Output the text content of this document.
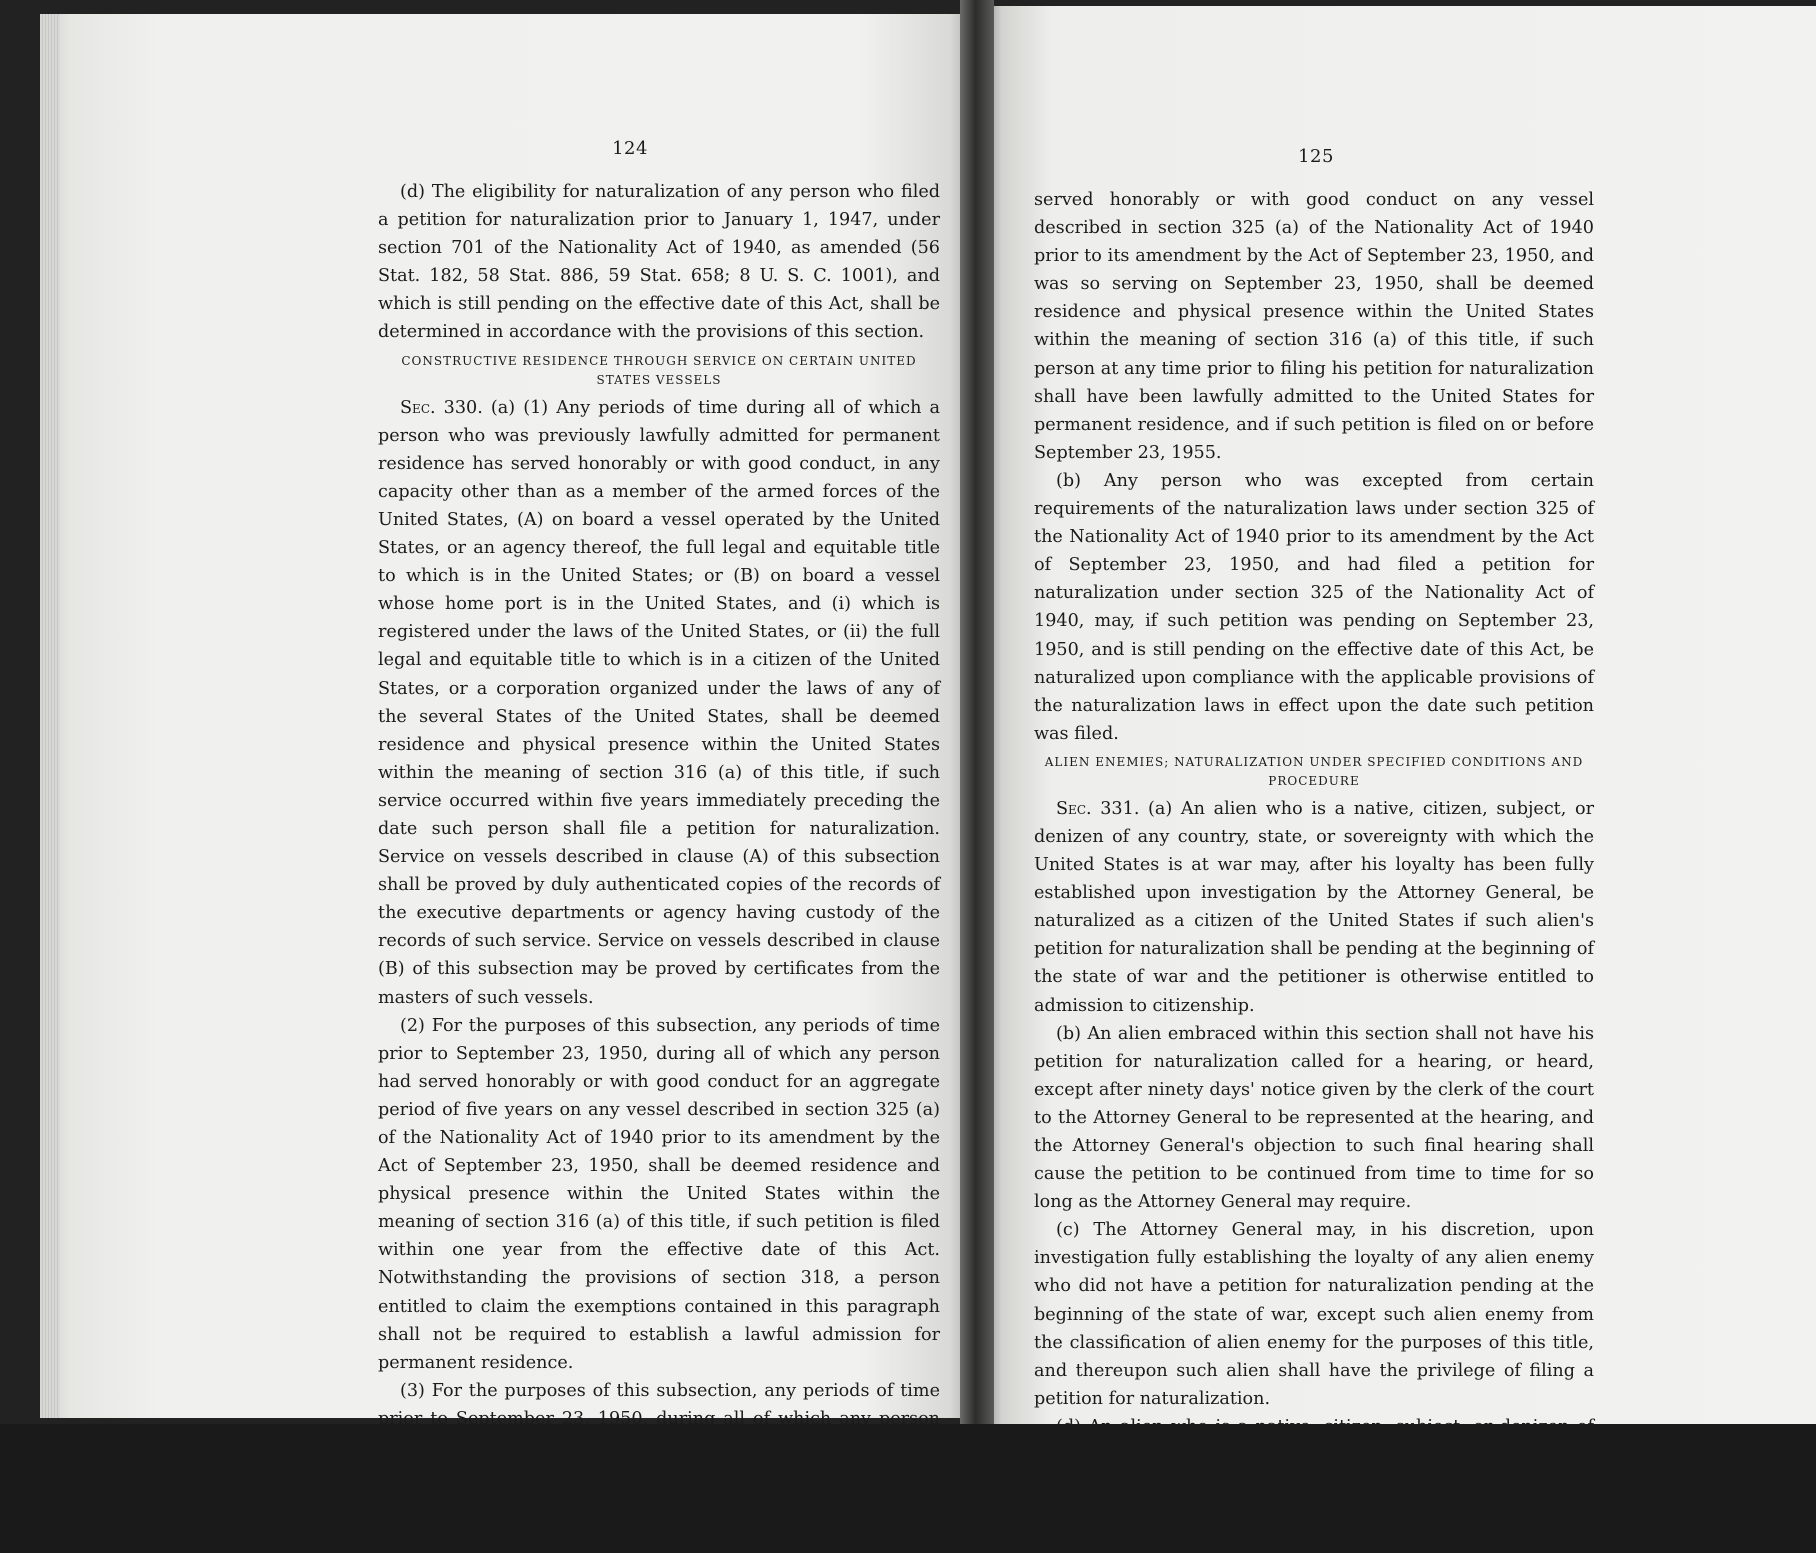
124

(d) The eligibility for naturalization of any person who filed a petition for naturalization prior to January 1, 1947, under section 701 of the Nationality Act of 1940, as amended (56 Stat. 182, 58 Stat. 886, 59 Stat. 658; 8 U. S. C. 1001), and which is still pending on the effective date of this Act, shall be determined in accordance with the provisions of this section.

CONSTRUCTIVE RESIDENCE THROUGH SERVICE ON CERTAIN UNITED STATES VESSELS

Sec. 330. (a) (1) Any periods of time during all of which a person who was previously lawfully admitted for permanent residence has served honorably or with good conduct, in any capacity other than as a member of the armed forces of the United States, (A) on board a vessel operated by the United States, or an agency thereof, the full legal and equitable title to which is in the United States; or (B) on board a vessel whose home port is in the United States, and (i) which is registered under the laws of the United States, or (ii) the full legal and equitable title to which is in a citizen of the United States, or a corporation organized under the laws of any of the several States of the United States, shall be deemed residence and physical presence within the United States within the meaning of section 316 (a) of this title, if such service occurred within five years immediately preceding the date such person shall file a petition for naturalization. Service on vessels described in clause (A) of this subsection shall be proved by duly authenticated copies of the records of the executive departments or agency having custody of the records of such service. Service on vessels described in clause (B) of this subsection may be proved by certificates from the masters of such vessels.

(2) For the purposes of this subsection, any periods of time prior to September 23, 1950, during all of which any person had served honorably or with good conduct for an aggregate period of five years on any vessel described in section 325 (a) of the Nationality Act of 1940 prior to its amendment by the Act of September 23, 1950, shall be deemed residence and physical presence within the United States within the meaning of section 316 (a) of this title, if such petition is filed within one year from the effective date of this Act. Notwithstanding the provisions of section 318, a person entitled to claim the exemptions contained in this paragraph shall not be required to establish a lawful admission for permanent residence.

(3) For the purposes of this subsection, any periods of time prior to September 23, 1950, during all of which any person not within the provisions of paragraph (2) had, prior to September 23, 1950,

125

served honorably or with good conduct on any vessel described in section 325 (a) of the Nationality Act of 1940 prior to its amendment by the Act of September 23, 1950, and was so serving on September 23, 1950, shall be deemed residence and physical presence within the United States within the meaning of section 316 (a) of this title, if such person at any time prior to filing his petition for naturalization shall have been lawfully admitted to the United States for permanent residence, and if such petition is filed on or before September 23, 1955.

(b) Any person who was excepted from certain requirements of the naturalization laws under section 325 of the Nationality Act of 1940 prior to its amendment by the Act of September 23, 1950, and had filed a petition for naturalization under section 325 of the Nationality Act of 1940, may, if such petition was pending on September 23, 1950, and is still pending on the effective date of this Act, be naturalized upon compliance with the applicable provisions of the naturalization laws in effect upon the date such petition was filed.

ALIEN ENEMIES; NATURALIZATION UNDER SPECIFIED CONDITIONS AND PROCEDURE

Sec. 331. (a) An alien who is a native, citizen, subject, or denizen of any country, state, or sovereignty with which the United States is at war may, after his loyalty has been fully established upon investigation by the Attorney General, be naturalized as a citizen of the United States if such alien's petition for naturalization shall be pending at the beginning of the state of war and the petitioner is otherwise entitled to admission to citizenship.

(b) An alien embraced within this section shall not have his petition for naturalization called for a hearing, or heard, except after ninety days' notice given by the clerk of the court to the Attorney General to be represented at the hearing, and the Attorney General's objection to such final hearing shall cause the petition to be continued from time to time for so long as the Attorney General may require.

(c) The Attorney General may, in his discretion, upon investigation fully establishing the loyalty of any alien enemy who did not have a petition for naturalization pending at the beginning of the state of war, except such alien enemy from the classification of alien enemy for the purposes of this title, and thereupon such alien shall have the privilege of filing a petition for naturalization.

(d) An alien who is a native, citizen, subject, or denizen of any country, state, or sovereignty with which the United States is at war shall cease to be an alien enemy within the meaning of this section upon the determination by proclamation of the President, or by concurrent reso-
